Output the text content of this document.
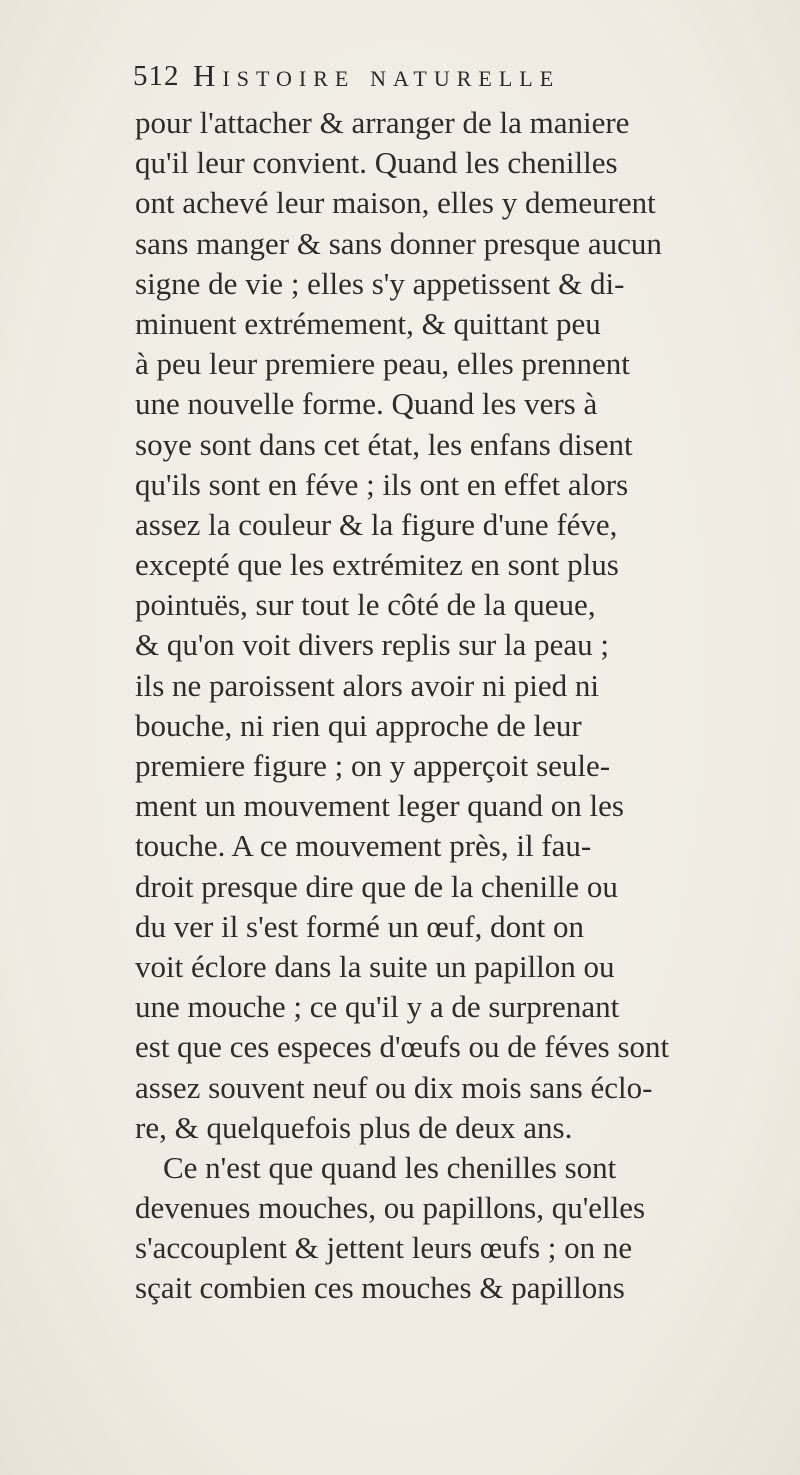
512 Histoire naturelle
pour l'attacher & arranger de la maniere
qu'il leur convient. Quand les chenilles
ont achevé leur maison, elles y demeurent
sans manger & sans donner presque aucun
signe de vie ; elles s'y appetissent & di-
minuent extrémement, & quittant peu
à peu leur premiere peau, elles prennent
une nouvelle forme. Quand les vers à
soye sont dans cet état, les enfans disent
qu'ils sont en féve ; ils ont en effet alors
assez la couleur & la figure d'une féve,
excepté que les extrémitez en sont plus
pointuës, sur tout le côté de la queue,
& qu'on voit divers replis sur la peau ;
ils ne paroissent alors avoir ni pied ni
bouche, ni rien qui approche de leur
premiere figure ; on y apperçoit seule-
ment un mouvement leger quand on les
touche. A ce mouvement près, il fau-
droit presque dire que de la chenille ou
du ver il s'est formé un œuf, dont on
voit éclore dans la suite un papillon ou
une mouche ; ce qu'il y a de surprenant
est que ces especes d'œufs ou de féves sont
assez souvent neuf ou dix mois sans éclo-
re, & quelquefois plus de deux ans.
Ce n'est que quand les chenilles sont
devenues mouches, ou papillons, qu'elles
s'accouplent & jettent leurs œufs ; on ne
sçait combien ces mouches & papillons
